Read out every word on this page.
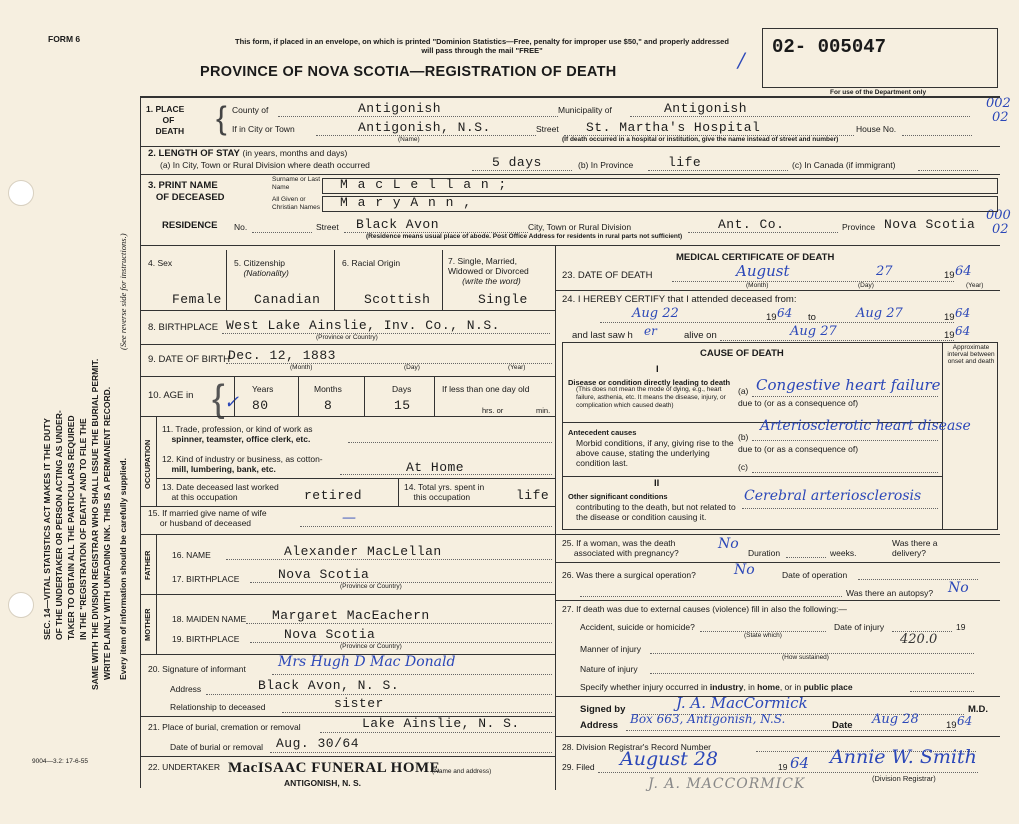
FORM 6
9004—3.2: 17-6-55
SEC. 14—VITAL STATISTICS ACT MAKES IT THE DUTY OF THE UNDERTAKER OR PERSON ACTING AS UNDER- TAKER TO OBTAIN ALL THE PARTICULARS REQUIRED IN THE "REGISTRATION OF DEATH" AND TO FILE THE SAME WITH THE DIVISION REGISTRAR WHO SHALL ISSUE THE BURIAL PERMIT. WRITE PLAINLY WITH UNFADING INK. THIS IS A PERMANENT RECORD. Every item of information should be carefully supplied.
(See reverse side for instructions.)
This form, if placed in an envelope, on which is printed "Dominion Statistics—Free, penalty for improper use $50," and properly addressed will pass through the mail "FREE"
PROVINCE OF NOVA SCOTIA—REGISTRATION OF DEATH
02- 005047
For use of the Department only
/
002
02
000
02
1. PLACE
OF
DEATH { County of	Antigonish	Municipality of	Antigonish
If in City or Town	Antigonish, N.S.
(Name)
Street St. Martha's Hospital	House No.
(If death occurred in a hospital or institution, give the name instead of street and number)
2. LENGTH OF STAY (in years, months and days)
(a) In City, Town or Rural Division where death occurred	5 days	(b) In Province	life	(c) In Canada (if immigrant)
3. PRINT NAME
OF DECEASED
Surname or Last Name
All Given or Christian Names
M a c L e l l a n ;
M a r y A n n ,
RESIDENCE No.	Street Black Avon	City, Town or Rural Division	Ant. Co.	Province Nova Scotia
(Residence means usual place of abode. Post Office Address for residents in rural parts not sufficient)
4. Sex	5. Citizenship
(Nationality)
6. Racial Origin	7. Single, Married, Widowed or Divorced
(write the word)
Female Canadian	Scottish	Single
8. BIRTHPLACE West Lake Ainslie, Inv. Co., N.S.
(Province or Country)
9. DATE OF BIRTH
Dec. 12, 1883
(Month)	(Day)	(Year)
10. AGE in { ✓
Years	Months	Days	If less than one day old
80	8	15	hrs. or	min.
OCCUPATION
11. Trade, profession, or kind of work as
spinner, teamster, office clerk, etc.
12. Kind of industry or business, as cotton-
mill, lumbering, bank, etc.	At Home
13. Date deceased last worked
at this occupation	retired
14. Total yrs. spent in
this occupation	life
15. If married give name of wife
or husband of deceased	—
FATHER 16. NAME	Alexander MacLellan
17. BIRTHPLACE	Nova Scotia
(Province or Country)
MOTHER 18. MAIDEN NAME Margaret MacEachern
19. BIRTHPLACE	Nova Scotia
(Province or Country)
20. Signature of informant Mrs Hugh D Mac Donald
Address	Black Avon, N. S.
Relationship to deceased	sister
21. Place of burial, cremation or removal	Lake Ainslie, N. S.
Date of burial or removal Aug. 30/64
22. UNDERTAKER MacISAAC FUNERAL HOME
ANTIGONISH, N. S.
(Name and address)
MEDICAL CERTIFICATE OF DEATH
23. DATE OF DEATH	August	27	19 64
(Month)	(Day)	(Year)
24. I HEREBY CERTIFY that I attended deceased from:
Aug 22	19 64 to	Aug 27	19 64
and last saw h er	alive on	Aug 27	19 64
CAUSE OF DEATH
Approximate interval between onset and death
I
Disease or condition directly leading to death
(This does not mean the mode of dying, e.g., heart failure, asthenia, etc. It means the disease, injury, or complication which caused death)
(a) Congestive heart failure
due to (or as a consequence of)
Antecedent causes
Morbid conditions, if any, giving rise to the above cause, stating the underlying condition last.
(b)
Arteriosclerotic heart disease
due to (or as a consequence of)
(c)
II
Other significant conditions
contributing to the death, but not related to the disease or condition causing it.
Cerebral arteriosclerosis
25. If a woman, was the death
associated with pregnancy?
No
Duration	weeks.
Was there a delivery?
26. Was there a surgical operation?	No	Date of operation
Was there an autopsy? No
27. If death was due to external causes (violence) fill in also the following:—
Accident, suicide or homicide?
(State which)
Date of injury	19
Manner of injury
420.0
(How sustained)
Nature of injury
Specify whether injury occurred in industry, in home, or in public place
Signed by	J. A. MacCormick	M.D.
Address Box 663, Antigonish, N.S.	Date Aug 28	19 64
28. Division Registrar's Record Number
29. Filed August 28	19 64 Annie W. Smith
(Division Registrar)
J. A. MACCORMICK
